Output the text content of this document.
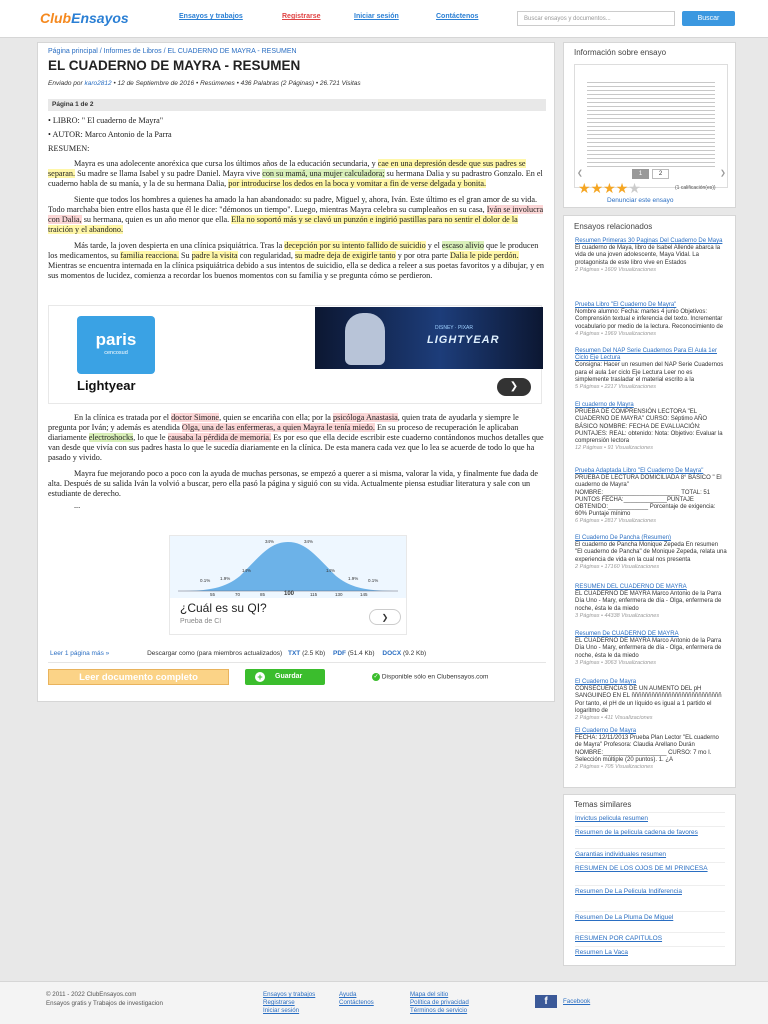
ClubEnsayos	Ensayos y trabajos	Registrarse	Iniciar sesión	Contáctenos	Buscar ensayos y documentos...	Buscar
Página principal / Informes de Libros / EL CUADERNO DE MAYRA - RESUMEN
EL CUADERNO DE MAYRA - RESUMEN
Enviado por karo2812 • 12 de Septiembre de 2016 • Resúmenes • 436 Palabras (2 Páginas) • 26.721 Visitas
Página 1 de 2

• LIBRO: " El cuaderno de Mayra"

• AUTOR: Marco Antonio de la Parra

RESUMEN:

Mayra es una adolecente anoréxica que cursa los últimos años de la educación secundaria, y cae en una depresión desde que sus padres se separan. Su madre se llama Isabel y su padre Daniel. Mayra vive con su mamá, una mujer calculadora; su hermana Dalia y su padrastro Gonzalo. En el cuaderno habla de su manía, y la de su hermana Dalia, por introducirse los dedos en la boca y vomitar a fin de verse delgada y bonita.

Siente que todos los hombres a quienes ha amado la han abandonado: su padre, Miguel y, ahora, Iván. Este último es el gran amor de su vida. Todo marchaba bien entre ellos hasta que él le dice: "démonos un tiempo". Luego, mientras Mayra celebra su cumpleaños en su casa, Iván se involucra con Dalia, su hermana, quien es un año menor que ella. Ella no soportó más y se clavó un punzón e ingirió pastillas para no sentir el dolor de la traición y el abandono.

Más tarde, la joven despierta en una clínica psiquiátrica. Tras la decepción por su intento fallido de suicidio y el escaso alivio que le producen los medicamentos, su familia reacciona. Su padre la visita con regularidad, su madre deja de exigirle tanto y por otra parte Dalia le pide perdón. Mientras se encuentra internada en la clínica psiquiátrica debido a sus intentos de suicidio, ella se dedica a releer a sus poetas favoritos y a dibujar, y en sus momentos de lucidez, comienza a recordar los buenos momentos con su familia y se pregunta cómo se perdieron.

paris
cencosud
DISNEY · PIXAR
LIGHTYEAR
Lightyear	❯

En la clínica es tratada por el doctor Simone, quien se encariña con ella; por la psicóloga Anastasia, quien trata de ayudarla y siempre le pregunta por Iván; y además es atendida Olga, una de las enfermeras, a quien Mayra le tenía miedo. En su proceso de recuperación le aplicaban diariamente electroshocks, lo que le causaba la pérdida de memoria. Es por eso que ella decide escribir este cuaderno contándonos muchos detalles que van desde que vivía con sus padres hasta lo que le sucedía diariamente en la clínica. De esta manera cada vez que lo lea se acuerde de todo lo que ha pasado y vivido.

Mayra fue mejorando poco a poco con la ayuda de muchas personas, se empezó a querer a si misma, valorar la vida, y finalmente fue dada de alta. Después de su salida Iván la volvió a buscar, pero ella pasó la página y siguió con su vida. Actualmente piensa estudiar literatura y sale con un estudiante de derecho.

...

0.1% 1.9%
14%
34%	34%
14%
1.9% 0.1%
55	70	85	100	115	130	145
¿Cuál es su QI?
Prueba de CI	❯
Leer 1 página más »	Descargar como (para miembros actualizados) TXT (2.5 Kb) PDF (51.4 Kb) DOCX (9.2 Kb)
Leer documento completo	+	Guardar	✓ Disponible sólo en Clubensayos.com
Información sobre ensayo
❮	1	2	❯
★★★★★	(1 calificación(es))
Denunciar este ensayo
Ensayos relacionados
Resumen Primeras 30 Paginas Del Cuaderno De Maya
El cuaderno de Maya, libro de Isabel Allende abarca la vida de una joven adolescente, Maya Vidal. La protagonista de este libro vive en Estados
2 Páginas • 1609 Visualizaciones
Prueba Libro "El Cuaderno De Mayra"
Nombre alumno: Fecha: martes 4 junio Objetivos: Comprensión textual e inferencia del texto. Incrementar vocabulario por medio de la lectura. Reconocimiento de
4 Páginas • 1969 Visualizaciones
Resumen Del NAP Serie Cuadernos Para El Aula 1er Ciclo Eje Lectura
Consigna: Hacer un resumen del NAP Serie Cuadernos para el aula 1er ciclo Eje Lectura Leer no es simplemente trasladar el material escrito a la
5 Páginas • 2217 Visualizaciones
El cuaderno de Mayra
PRUEBA DE COMPRENSIÓN LECTORA "EL CUADERNO DE MAYRA" CURSO: Séptimo AÑO BÁSICO NOMBRE: FECHA DE EVALUACIÓN: PUNTAJES: REAL: obtenido: Nota: Objetivo: Evaluar la comprensión lectora
12 Páginas • 91 Visualizaciones
Prueba Adaptada Libro "El Cuaderno De Mayra"
PRUEBA DE LECTURA DOMICILIADA 8° BÁSICO " El cuaderno de Mayra" NOMBRE:_______________________ TOTAL: 51 PUNTOS FECHA:_____________PUNTAJE OBTENIDO:____________ Porcentaje de exigencia: 60% Puntaje mínimo
6 Páginas • 2817 Visualizaciones
El Cuaderno De Pancha (Resumen)
El cuaderno de Pancha Monique Zepeda En resumen "El cuaderno de Pancha" de Monique Zepeda, relata una experiencia de vida en la cual nos presenta
2 Páginas • 17160 Visualizaciones
RESUMEN DEL CUADERNO DE MAYRA
EL CUADERNO DE MAYRA Marco Antonio de la Parra Día Uno - Mary, enfermera de día - Olga, enfermera de noche, ésta le da miedo
3 Páginas • 44338 Visualizaciones
Resumen De CUADERNO DE MAYRA
EL CUADERNO DE MAYRA Marco Antonio de la Parra Día Uno - Mary, enfermera de día - Olga, enfermera de noche, ésta le da miedo
3 Páginas • 3063 Visualizaciones
El Cuaderno De Mayra
CONSECUENCIAS DE UN AUMENTO DEL pH SANGUINEO EN EL ñññññññññññññññññññññññññññ Por tanto, el pH de un líquido es igual a 1 partido el logaritmo de
2 Páginas • 411 Visualizaciones
El Cuaderno De Mayra
FECHA: 12/11/2013 Prueba Plan Lector "EL cuaderno de Mayra" Profesora: Claudia Arellano Durán NOMBRE:___________________ CURSO: 7 mo I. Selección múltiple (20 puntos). 1. ¿A
2 Páginas • 705 Visualizaciones
Temas similares
Invictus pelicula resumen
Resumen de la pelicula cadena de favores
Garantias individuales resumen
RESUMEN DE LOS OJOS DE MI PRINCESA
Resumen De La Pelicula Indiferencia
Resumen De La Pluma De Miguel
RESUMEN POR CAPITULOS
Resumen La Vaca
© 2011 - 2022 ClubEnsayos.com
Ensayos gratis y Trabajos de investigacion
Ensayos y trabajos
Registrarse
Iniciar sesión
Ayuda
Contáctenos
Mapa del sitio
Política de privacidad
Términos de servicio
f	Facebook
